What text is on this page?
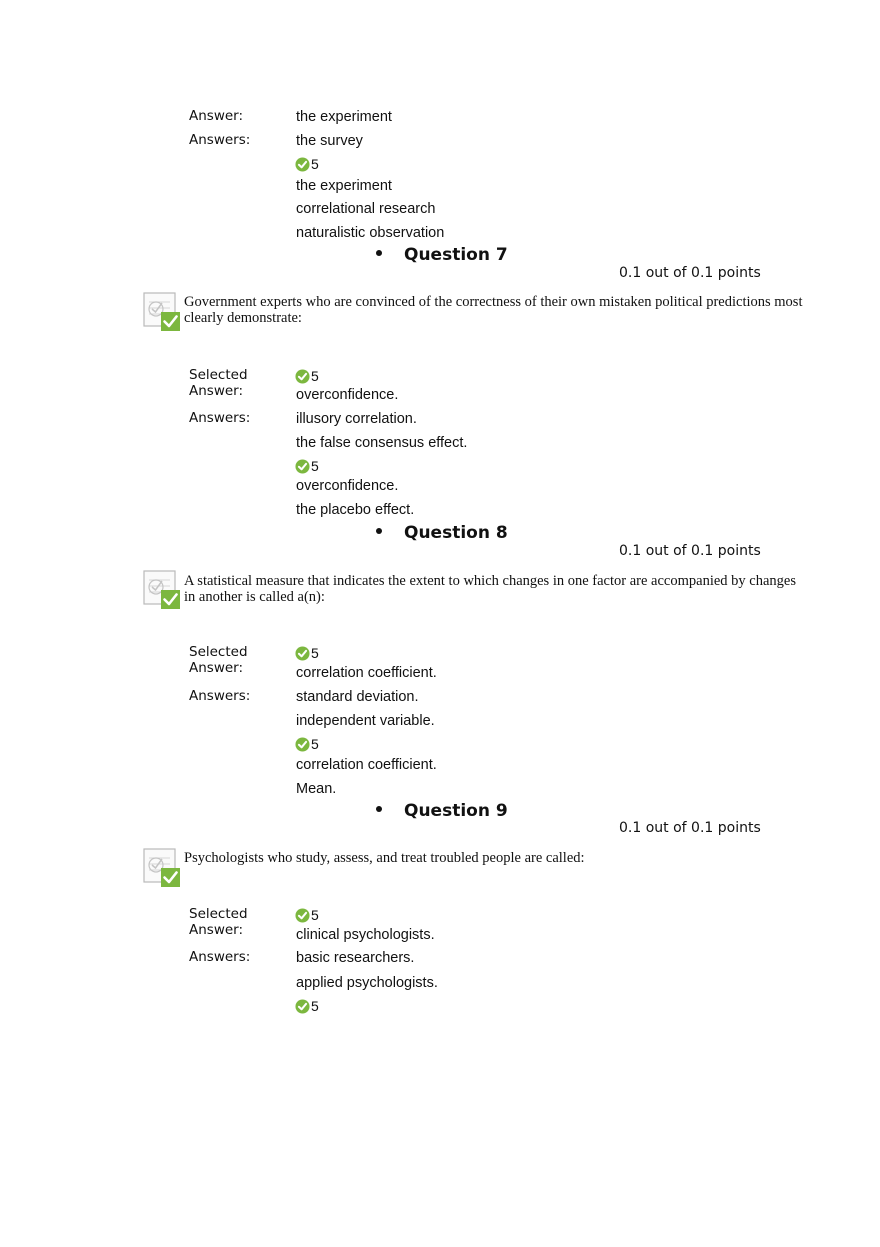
Answer:	the experiment
Answers:	the survey
5
the experiment
correlational research
naturalistic observation
Question 7
0.1 out of 0.1 points
Government experts who are convinced of the correctness of their own mistaken political predictions most clearly demonstrate:
Selected Answer:
5
overconfidence.
Answers:	illusory correlation.
the false consensus effect.
5
overconfidence.
the placebo effect.
Question 8
0.1 out of 0.1 points
A statistical measure that indicates the extent to which changes in one factor are accompanied by changes in another is called a(n):
Selected Answer:
5
correlation coefficient.
Answers:	standard deviation.
independent variable.
5
correlation coefficient.
Mean.
Question 9
0.1 out of 0.1 points
Psychologists who study, assess, and treat troubled people are called:
Selected Answer:
5
clinical psychologists.
Answers:	basic researchers.
applied psychologists.
5
